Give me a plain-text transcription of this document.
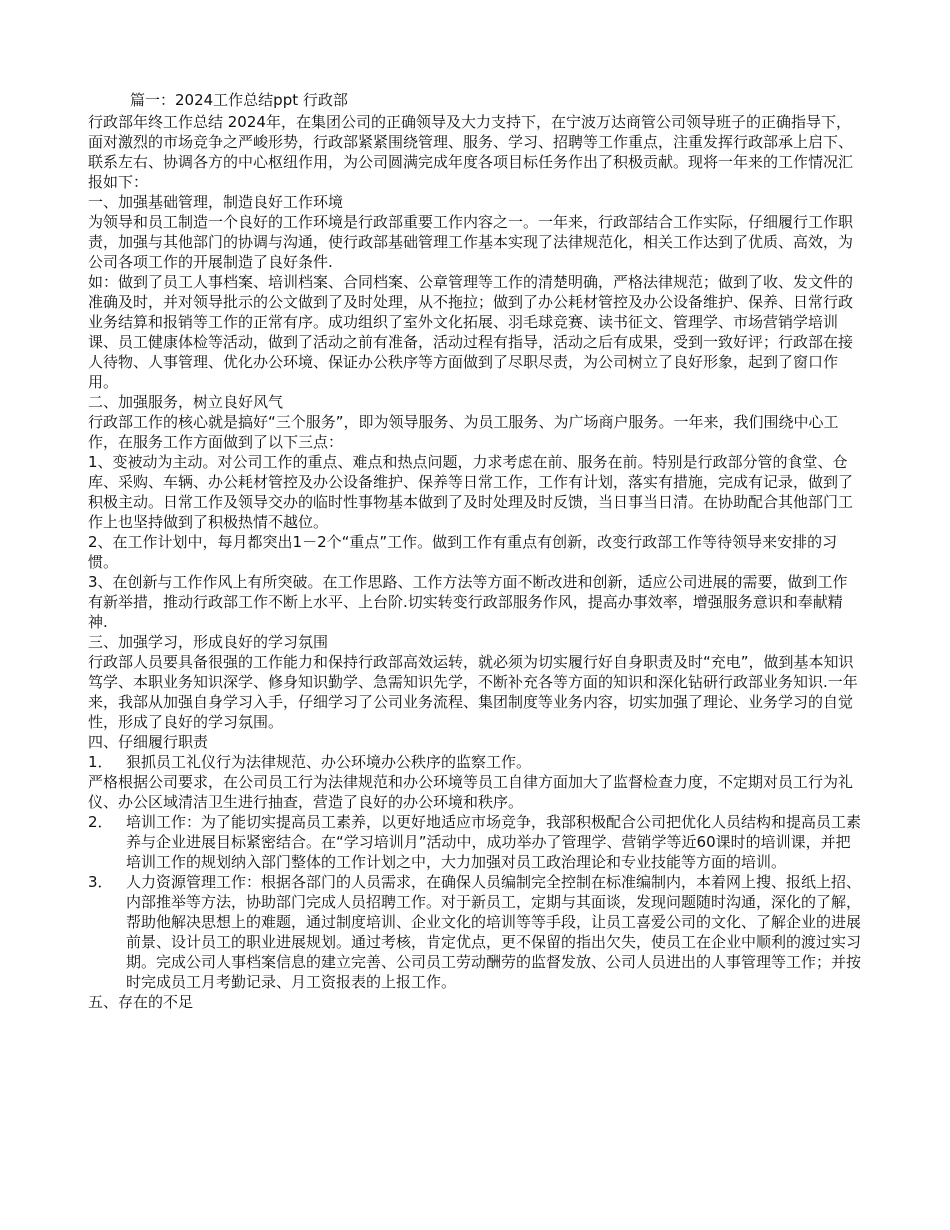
篇一：2024工作总结ppt 行政部

行政部年终工作总结 2024年，在集团公司的正确领导及大力支持下，在宁波万达商管公司领导班子的正确指导下，面对激烈的市场竞争之严峻形势，行政部紧紧围绕管理、服务、学习、招聘等工作重点，注重发挥行政部承上启下、联系左右、协调各方的中心枢纽作用，为公司圆满完成年度各项目标任务作出了积极贡献。现将一年来的工作情况汇报如下：

一、加强基础管理，制造良好工作环境

为领导和员工制造一个良好的工作环境是行政部重要工作内容之一。一年来，行政部结合工作实际，仔细履行工作职责，加强与其他部门的协调与沟通，使行政部基础管理工作基本实现了法律规范化，相关工作达到了优质、高效，为公司各项工作的开展制造了良好条件.

如：做到了员工人事档案、培训档案、合同档案、公章管理等工作的清楚明确，严格法律规范；做到了收、发文件的准确及时，并对领导批示的公文做到了及时处理，从不拖拉；做到了办公耗材管控及办公设备维护、保养、日常行政业务结算和报销等工作的正常有序。成功组织了室外文化拓展、羽毛球竞赛、读书征文、管理学、市场营销学培训课、员工健康体检等活动，做到了活动之前有准备，活动过程有指导，活动之后有成果，受到一致好评；行政部在接人待物、人事管理、优化办公环境、保证办公秩序等方面做到了尽职尽责，为公司树立了良好形象，起到了窗口作用。

二、加强服务，树立良好风气

行政部工作的核心就是搞好“三个服务”，即为领导服务、为员工服务、为广场商户服务。一年来，我们围绕中心工作，在服务工作方面做到了以下三点：

1、变被动为主动。对公司工作的重点、难点和热点问题，力求考虑在前、服务在前。特别是行政部分管的食堂、仓库、采购、车辆、办公耗材管控及办公设备维护、保养等日常工作，工作有计划，落实有措施，完成有记录，做到了积极主动。日常工作及领导交办的临时性事物基本做到了及时处理及时反馈，当日事当日清。在协助配合其他部门工作上也坚持做到了积极热情不越位。

2、在工作计划中，每月都突出1－2个“重点”工作。做到工作有重点有创新，改变行政部工作等待领导来安排的习惯。

3、在创新与工作作风上有所突破。在工作思路、工作方法等方面不断改进和创新，适应公司进展的需要，做到工作有新举措，推动行政部工作不断上水平、上台阶.切实转变行政部服务作风，提高办事效率，增强服务意识和奉献精神.

三、加强学习，形成良好的学习氛围

行政部人员要具备很强的工作能力和保持行政部高效运转，就必须为切实履行好自身职责及时“充电”，做到基本知识笃学、本职业务知识深学、修身知识勤学、急需知识先学，不断补充各等方面的知识和深化钻研行政部业务知识.一年来，我部从加强自身学习入手，仔细学习了公司业务流程、集团制度等业务内容，切实加强了理论、业务学习的自觉性，形成了良好的学习氛围。

四、仔细履行职责

1． 狠抓员工礼仪行为法律规范、办公环境办公秩序的监察工作。

严格根据公司要求，在公司员工行为法律规范和办公环境等员工自律方面加大了监督检查力度，不定期对员工行为礼仪、办公区域清洁卫生进行抽查，营造了良好的办公环境和秩序。

2． 培训工作：为了能切实提高员工素养，以更好地适应市场竞争，我部积极配合公司把优化人员结构和提高员工素养与企业进展目标紧密结合。在“学习培训月”活动中，成功举办了管理学、营销学等近60课时的培训课，并把培训工作的规划纳入部门整体的工作计划之中，大力加强对员工政治理论和专业技能等方面的培训。
3． 人力资源管理工作：根据各部门的人员需求，在确保人员编制完全控制在标准编制内，本着网上搜、报纸上招、内部推举等方法，协助部门完成人员招聘工作。对于新员工，定期与其面谈，发现问题随时沟通，深化的了解，帮助他解决思想上的难题，通过制度培训、企业文化的培训等等手段，让员工喜爱公司的文化、了解企业的进展前景、设计员工的职业进展规划。通过考核，肯定优点，更不保留的指出欠失，使员工在企业中顺利的渡过实习期。完成公司人事档案信息的建立完善、公司员工劳动酬劳的监督发放、公司人员进出的人事管理等工作；并按时完成员工月考勤记录、月工资报表的上报工作。

五、存在的不足
